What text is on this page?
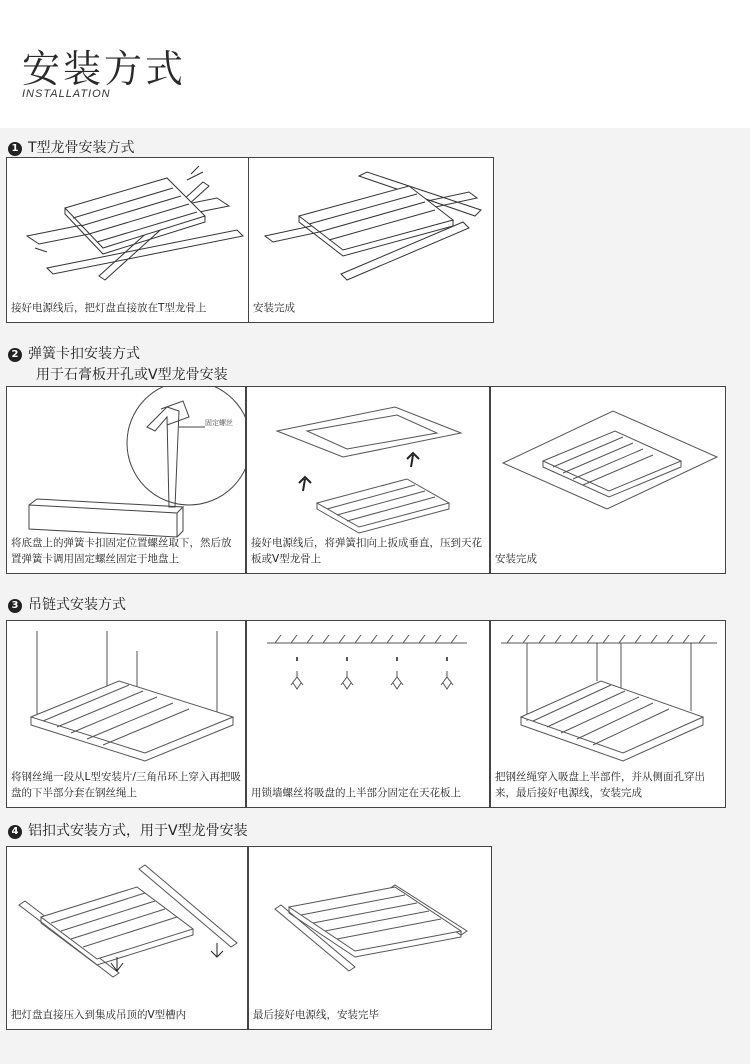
安装方式
INSTALLATION
1 T型龙骨安装方式
接好电源线后，把灯盘直接放在T型龙骨上	安装完成
2 弹簧卡扣安装方式
用于石膏板开孔或V型龙骨安装
固定螺丝
将底盘上的弹簧卡扣固定位置螺丝取下，然后放置弹簧卡调用固定螺丝固定于地盘上
接好电源线后，将弹簧扣向上扳成垂直，压到天花板或V型龙骨上	安装完成
3 吊链式安装方式
将钢丝绳一段从L型安装片/三角吊环上穿入再把吸盘的下半部分套在钢丝绳上	用锁墙螺丝将吸盘的上半部分固定在天花板上
把钢丝绳穿入吸盘上半部件，并从侧面孔穿出来，最后接好电源线，安装完成
4 铝扣式安装方式，用于V型龙骨安装
把灯盘直接压入到集成吊顶的V型槽内	最后接好电源线，安装完毕
